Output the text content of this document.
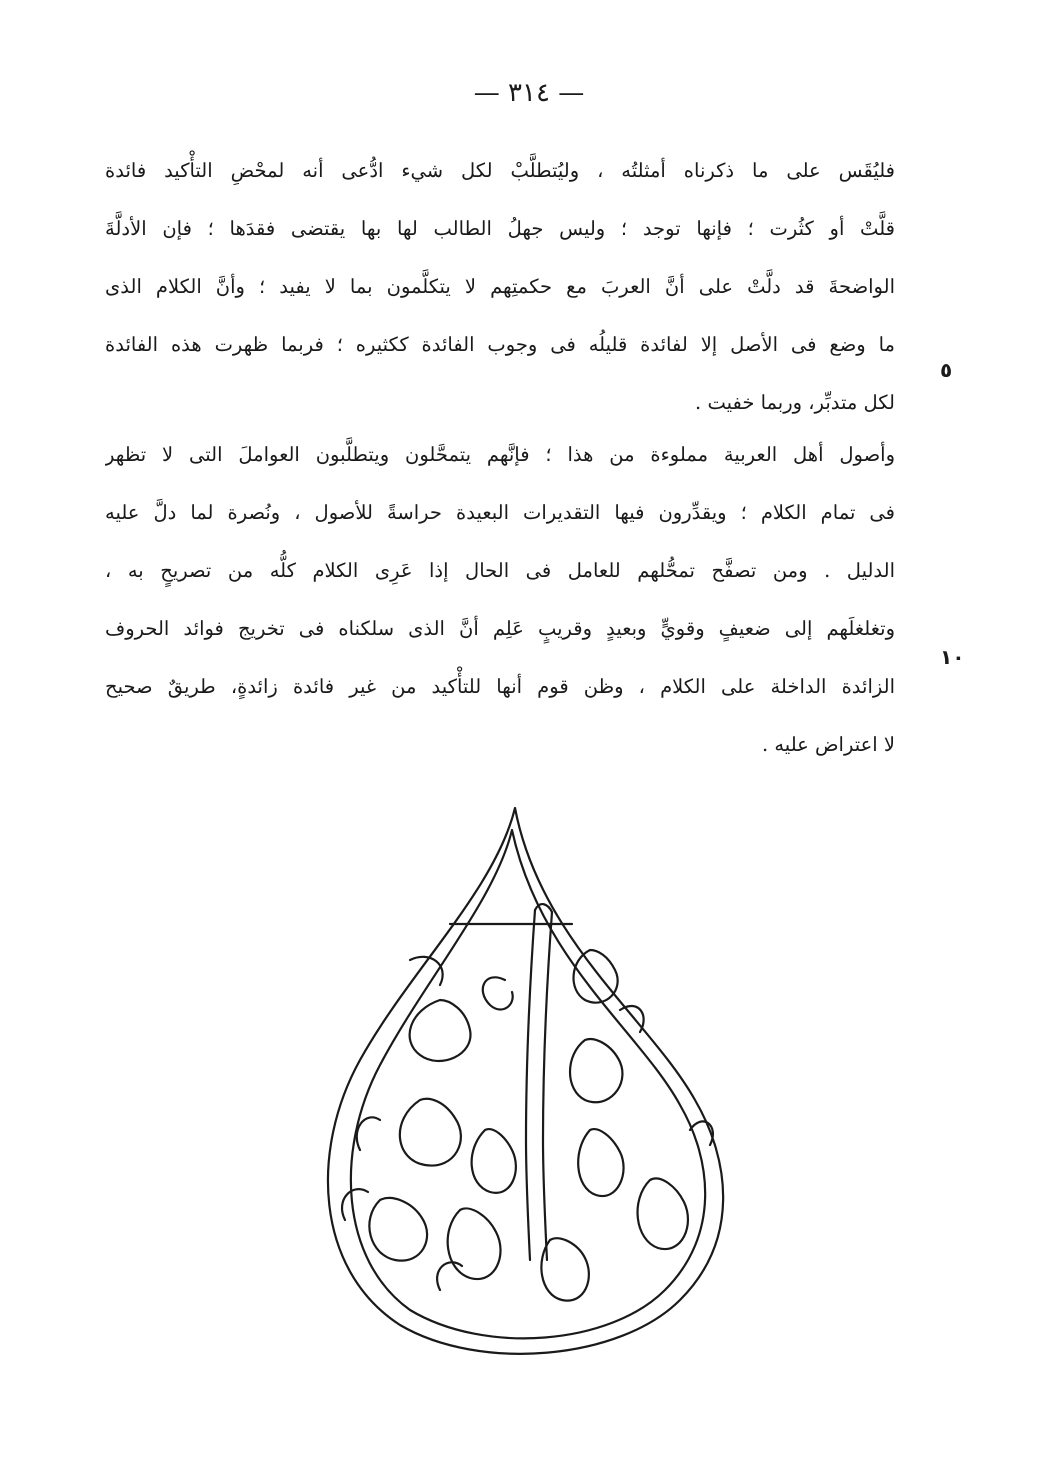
— ٣١٤ —
فليُقَس على ما ذكرناه أمثلتُه ، وليُتطلَّبْ لكل شيء ادُّعى أنه لمحْضِ التأْكيد فائدة
قلَّتْ أو كثُرت ؛ فإنها توجد ؛ وليس جهلُ الطالب لها بها يقتضى فقدَها ؛ فإن الأدلَّةَ
الواضحةَ قد دلَّتْ على أنَّ العربَ مع حكمتِهم لا يتكلَّمون بما لا يفيد ؛ وأنَّ الكلام الذى
ما وضع فى الأصل إلا لفائدة قليلُه فى وجوب الفائدة ككثيره ؛ فربما ظهرت هذه الفائدة
لكل متدبِّر، وربما خفيت .
وأصول أهل العربية مملوءة من هذا ؛ فإنَّهم يتمحَّلون ويتطلَّبون العواملَ التى لا تظهر
فى تمام الكلام ؛ ويقدِّرون فيها التقديرات البعيدة حراسةً للأصول ، ونُصرة لما دلَّ عليه
الدليل . ومن تصفَّح تمحُّلهم للعامل فى الحال إذا عَرِى الكلام كلُّه من تصريحٍ به ،
وتغلغلَهم إلى ضعيفٍ وقويٍّ وبعيدٍ وقريبٍ عَلِم أنَّ الذى سلكناه فى تخريج فوائد الحروف
الزائدة الداخلة على الكلام ، وظن قوم أنها للتأْكيد من غير فائدة زائدةٍ، طريقٌ صحيح
لا اعتراض عليه .
٥
١٠
